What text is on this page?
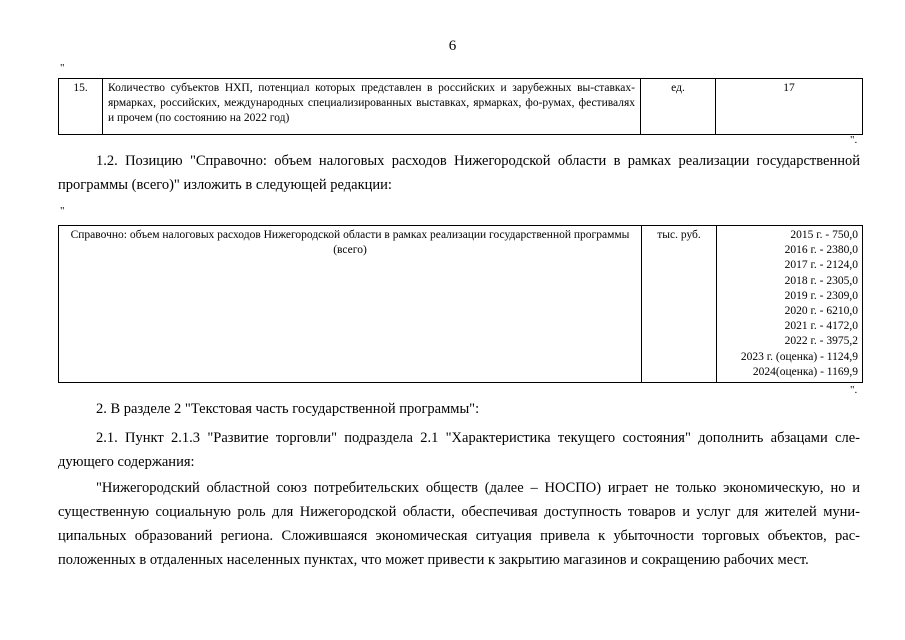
6
"
15.	Количество субъектов НХП, потенциал которых представлен в российских и зарубежных вы-ставках-ярмарках, российских, международных специализированных выставках, ярмарках, фо-румах, фестивалях и прочем (по состоянию на 2022 год)	ед.	17
".
1.2. Позицию "Справочно: объем налоговых расходов Нижегородской области в рамках реализации государственной программы (всего)" изложить в следующей редакции:
"
Справочно: объем налоговых расходов Нижегородской области в рамках реализации государственной программы (всего)	тыс. руб.	2015 г. - 750,0
2016 г. - 2380,0
2017 г. - 2124,0
2018 г. - 2305,0
2019 г. - 2309,0
2020 г. - 6210,0
2021 г. - 4172,0
2022 г. - 3975,2
2023 г. (оценка) - 1124,9
2024(оценка) - 1169,9
".
2. В разделе 2 "Текстовая часть государственной программы":
2.1. Пункт 2.1.3 "Развитие торговли" подраздела 2.1 "Характеристика текущего состояния" дополнить абзацами сле-дующего содержания:
"Нижегородский областной союз потребительских обществ (далее – НОСПО) играет не только экономическую, но и существенную социальную роль для Нижегородской области, обеспечивая доступность товаров и услуг для жителей муни-ципальных образований региона. Сложившаяся экономическая ситуация привела к убыточности торговых объектов, рас-положенных в отдаленных населенных пунктах, что может привести к закрытию магазинов и сокращению рабочих мест.
